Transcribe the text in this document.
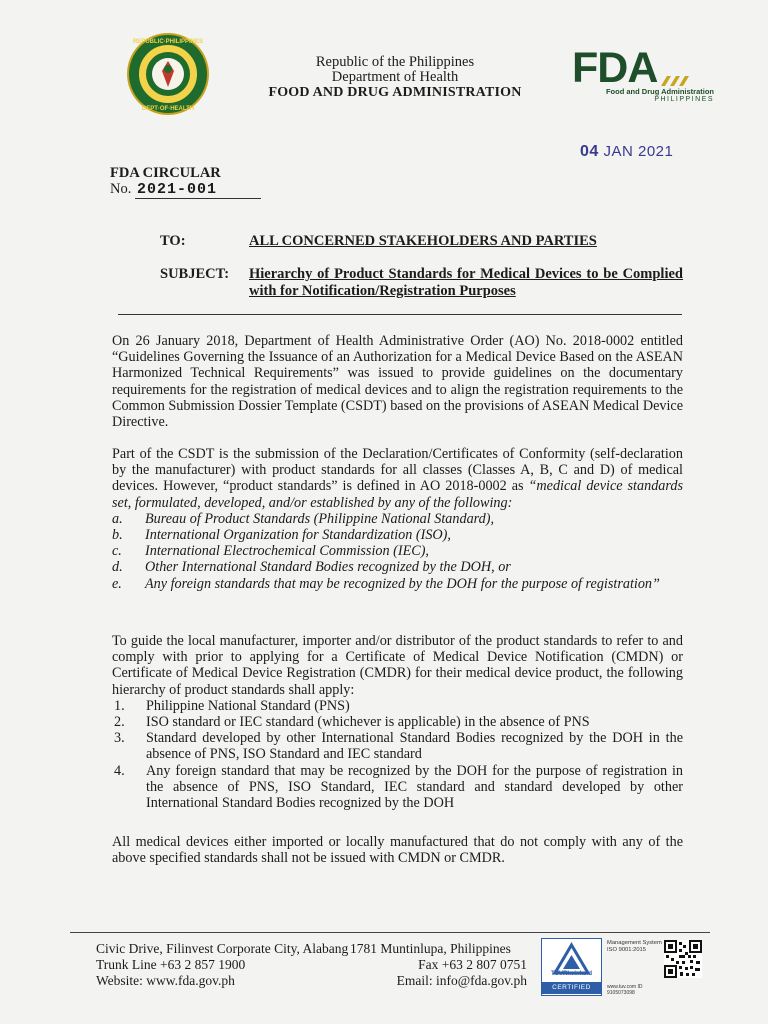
REPUBLIC·PHILIPPINES
DEPT·OF·HEALTH
Republic of the Philippines
Department of Health
FOOD AND DRUG ADMINISTRATION
FDA
Food and Drug Administration
PHILIPPINES
04 JAN 2021
FDA CIRCULAR
No. 2021-001
TO:	ALL CONCERNED STAKEHOLDERS AND PARTIES
SUBJECT: Hierarchy of Product Standards for Medical Devices to be Complied with for Notification/Registration Purposes
On 26 January 2018, Department of Health Administrative Order (AO) No. 2018-0002 entitled “Guidelines Governing the Issuance of an Authorization for a Medical Device Based on the ASEAN Harmonized Technical Requirements” was issued to provide guidelines on the documentary requirements for the registration of medical devices and to align the registration requirements to the Common Submission Dossier Template (CSDT) based on the provisions of ASEAN Medical Device Directive.
Part of the CSDT is the submission of the Declaration/Certificates of Conformity (self-declaration by the manufacturer) with product standards for all classes (Classes A, B, C and D) of medical devices. However, “product standards” is defined in AO 2018-0002 as “medical device standards set, formulated, developed, and/or established by any of the following:
a. Bureau of Product Standards (Philippine National Standard),
b. International Organization for Standardization (ISO),
c. International Electrochemical Commission (IEC),
d. Other International Standard Bodies recognized by the DOH, or
e. Any foreign standards that may be recognized by the DOH for the purpose of registration”
To guide the local manufacturer, importer and/or distributor of the product standards to refer to and comply with prior to applying for a Certificate of Medical Device Notification (CMDN) or Certificate of Medical Device Registration (CMDR) for their medical device product, the following hierarchy of product standards shall apply:
1. Philippine National Standard (PNS)
2. ISO standard or IEC standard (whichever is applicable) in the absence of PNS
3. Standard developed by other International Standard Bodies recognized by the DOH in the absence of PNS, ISO Standard and IEC standard
4. Any foreign standard that may be recognized by the DOH for the purpose of registration in the absence of PNS, ISO Standard, IEC standard and standard developed by other International Standard Bodies recognized by the DOH
All medical devices either imported or locally manufactured that do not comply with any of the above specified standards shall not be issued with CMDN or CMDR.
Civic Drive, Filinvest Corporate City, Alabang
Trunk Line +63 2 857 1900
Website: www.fda.gov.ph
1781 Muntinlupa, Philippines
Fax +63 2 807 0751
Email: info@fda.gov.ph	TÜVRheinland
CERTIFIED
Management System ISO 9001:2015
www.tuv.com ID 9105073098
